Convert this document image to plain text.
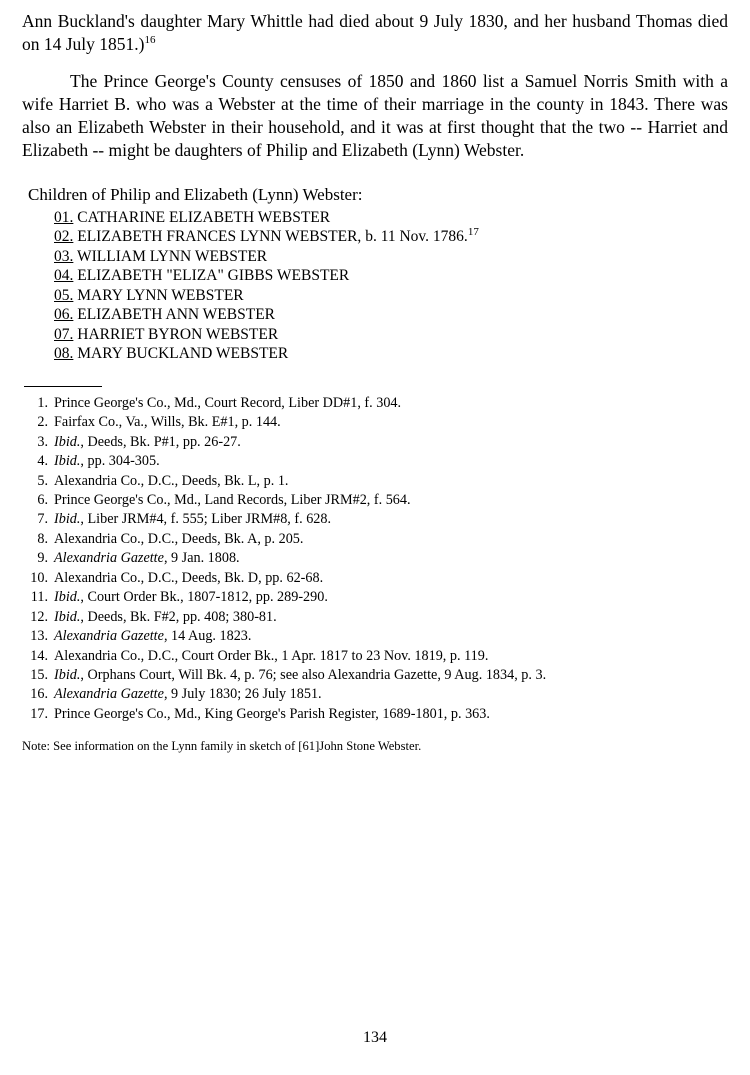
Ann Buckland's daughter Mary Whittle had died about 9 July 1830, and her husband Thomas died on 14 July 1851.)$^{16}$

The Prince George's County censuses of 1850 and 1860 list a Samuel Norris Smith with a wife Harriet B. who was a Webster at the time of their marriage in the county in 1843. There was also an Elizabeth Webster in their household, and it was at first thought that the two -- Harriet and Elizabeth -- might be daughters of Philip and Elizabeth (Lynn) Webster.

Children of Philip and Elizabeth (Lynn) Webster:
01. CATHARINE ELIZABETH WEBSTER
02. ELIZABETH FRANCES LYNN WEBSTER, b. 11 Nov. 1786.17
03. WILLIAM LYNN WEBSTER
04. ELIZABETH "ELIZA" GIBBS WEBSTER
05. MARY LYNN WEBSTER
06. ELIZABETH ANN WEBSTER
07. HARRIET BYRON WEBSTER
08. MARY BUCKLAND WEBSTER
1. Prince George's Co., Md., Court Record, Liber DD#1, f. 304.
2. Fairfax Co., Va., Wills, Bk. E#1, p. 144.
3. Ibid., Deeds, Bk. P#1, pp. 26-27.
4. Ibid., pp. 304-305.
5. Alexandria Co., D.C., Deeds, Bk. L, p. 1.
6. Prince George's Co., Md., Land Records, Liber JRM#2, f. 564.
7. Ibid., Liber JRM#4, f. 555; Liber JRM#8, f. 628.
8. Alexandria Co., D.C., Deeds, Bk. A, p. 205.
9. Alexandria Gazette, 9 Jan. 1808.
10. Alexandria Co., D.C., Deeds, Bk. D, pp. 62-68.
11. Ibid., Court Order Bk., 1807-1812, pp. 289-290.
12. Ibid., Deeds, Bk. F#2, pp. 408; 380-81.
13. Alexandria Gazette, 14 Aug. 1823.
14. Alexandria Co., D.C., Court Order Bk., 1 Apr. 1817 to 23 Nov. 1819, p. 119.
15. Ibid., Orphans Court, Will Bk. 4, p. 76; see also Alexandria Gazette, 9 Aug. 1834, p. 3.
16. Alexandria Gazette, 9 July 1830; 26 July 1851.
17. Prince George's Co., Md., King George's Parish Register, 1689-1801, p. 363.

Note: See information on the Lynn family in sketch of [61]John Stone Webster.

134
